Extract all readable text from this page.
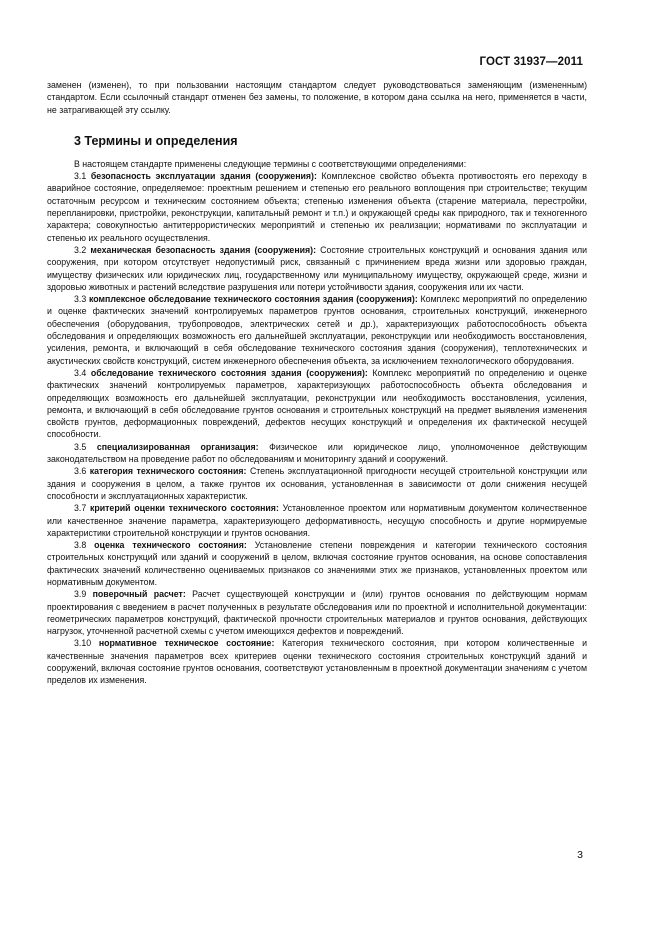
ГОСТ 31937—2011

заменен (изменен), то при пользовании настоящим стандартом следует руководствоваться заменяющим (измененным) стандартом. Если ссылочный стандарт отменен без замены, то положение, в котором дана ссылка на него, применяется в части, не затрагивающей эту ссылку.

3 Термины и определения

В настоящем стандарте применены следующие термины с соответствующими определениями:

3.1 безопасность эксплуатации здания (сооружения): Комплексное свойство объекта противостоять его переходу в аварийное состояние, определяемое: проектным решением и степенью его реального воплощения при строительстве; текущим остаточным ресурсом и техническим состоянием объекта; степенью изменения объекта (старение материала, перестройки, перепланировки, пристройки, реконструкции, капитальный ремонт и т.п.) и окружающей среды как природного, так и техногенного характера; совокупностью антитеррористических мероприятий и степенью их реализации; нормативами по эксплуатации и степенью их реального осуществления.

3.2 механическая безопасность здания (сооружения): Состояние строительных конструкций и основания здания или сооружения, при котором отсутствует недопустимый риск, связанный с причинением вреда жизни или здоровью граждан, имуществу физических или юридических лиц, государственному или муниципальному имуществу, окружающей среде, жизни и здоровью животных и растений вследствие разрушения или потери устойчивости здания, сооружения или их части.

3.3 комплексное обследование технического состояния здания (сооружения): Комплекс мероприятий по определению и оценке фактических значений контролируемых параметров грунтов основания, строительных конструкций, инженерного обеспечения (оборудования, трубопроводов, электрических сетей и др.), характеризующих работоспособность объекта обследования и определяющих возможность его дальнейшей эксплуатации, реконструкции или необходимость восстановления, усиления, ремонта, и включающий в себя обследование технического состояния здания (сооружения), теплотехнических и акустических свойств конструкций, систем инженерного обеспечения объекта, за исключением технологического оборудования.

3.4 обследование технического состояния здания (сооружения): Комплекс мероприятий по определению и оценке фактических значений контролируемых параметров, характеризующих работоспособность объекта обследования и определяющих возможность его дальнейшей эксплуатации, реконструкции или необходимость восстановления, усиления, ремонта, и включающий в себя обследование грунтов основания и строительных конструкций на предмет выявления изменения свойств грунтов, деформационных повреждений, дефектов несущих конструкций и определения их фактической несущей способности.

3.5 специализированная организация: Физическое или юридическое лицо, уполномоченное действующим законодательством на проведение работ по обследованиям и мониторингу зданий и сооружений.

3.6 категория технического состояния: Степень эксплуатационной пригодности несущей строительной конструкции или здания и сооружения в целом, а также грунтов их основания, установленная в зависимости от доли снижения несущей способности и эксплуатационных характеристик.

3.7 критерий оценки технического состояния: Установленное проектом или нормативным документом количественное или качественное значение параметра, характеризующего деформативность, несущую способность и другие нормируемые характеристики строительной конструкции и грунтов основания.

3.8 оценка технического состояния: Установление степени повреждения и категории технического состояния строительных конструкций или зданий и сооружений в целом, включая состояние грунтов основания, на основе сопоставления фактических значений количественно оцениваемых признаков со значениями этих же признаков, установленных проектом или нормативным документом.

3.9 поверочный расчет: Расчет существующей конструкции и (или) грунтов основания по действующим нормам проектирования с введением в расчет полученных в результате обследования или по проектной и исполнительной документации: геометрических параметров конструкций, фактической прочности строительных материалов и грунтов основания, действующих нагрузок, уточненной расчетной схемы с учетом имеющихся дефектов и повреждений.

3.10 нормативное техническое состояние: Категория технического состояния, при котором количественные и качественные значения параметров всех критериев оценки технического состояния строительных конструкций зданий и сооружений, включая состояние грунтов основания, соответствуют установленным в проектной документации значениям с учетом пределов их изменения.

3
